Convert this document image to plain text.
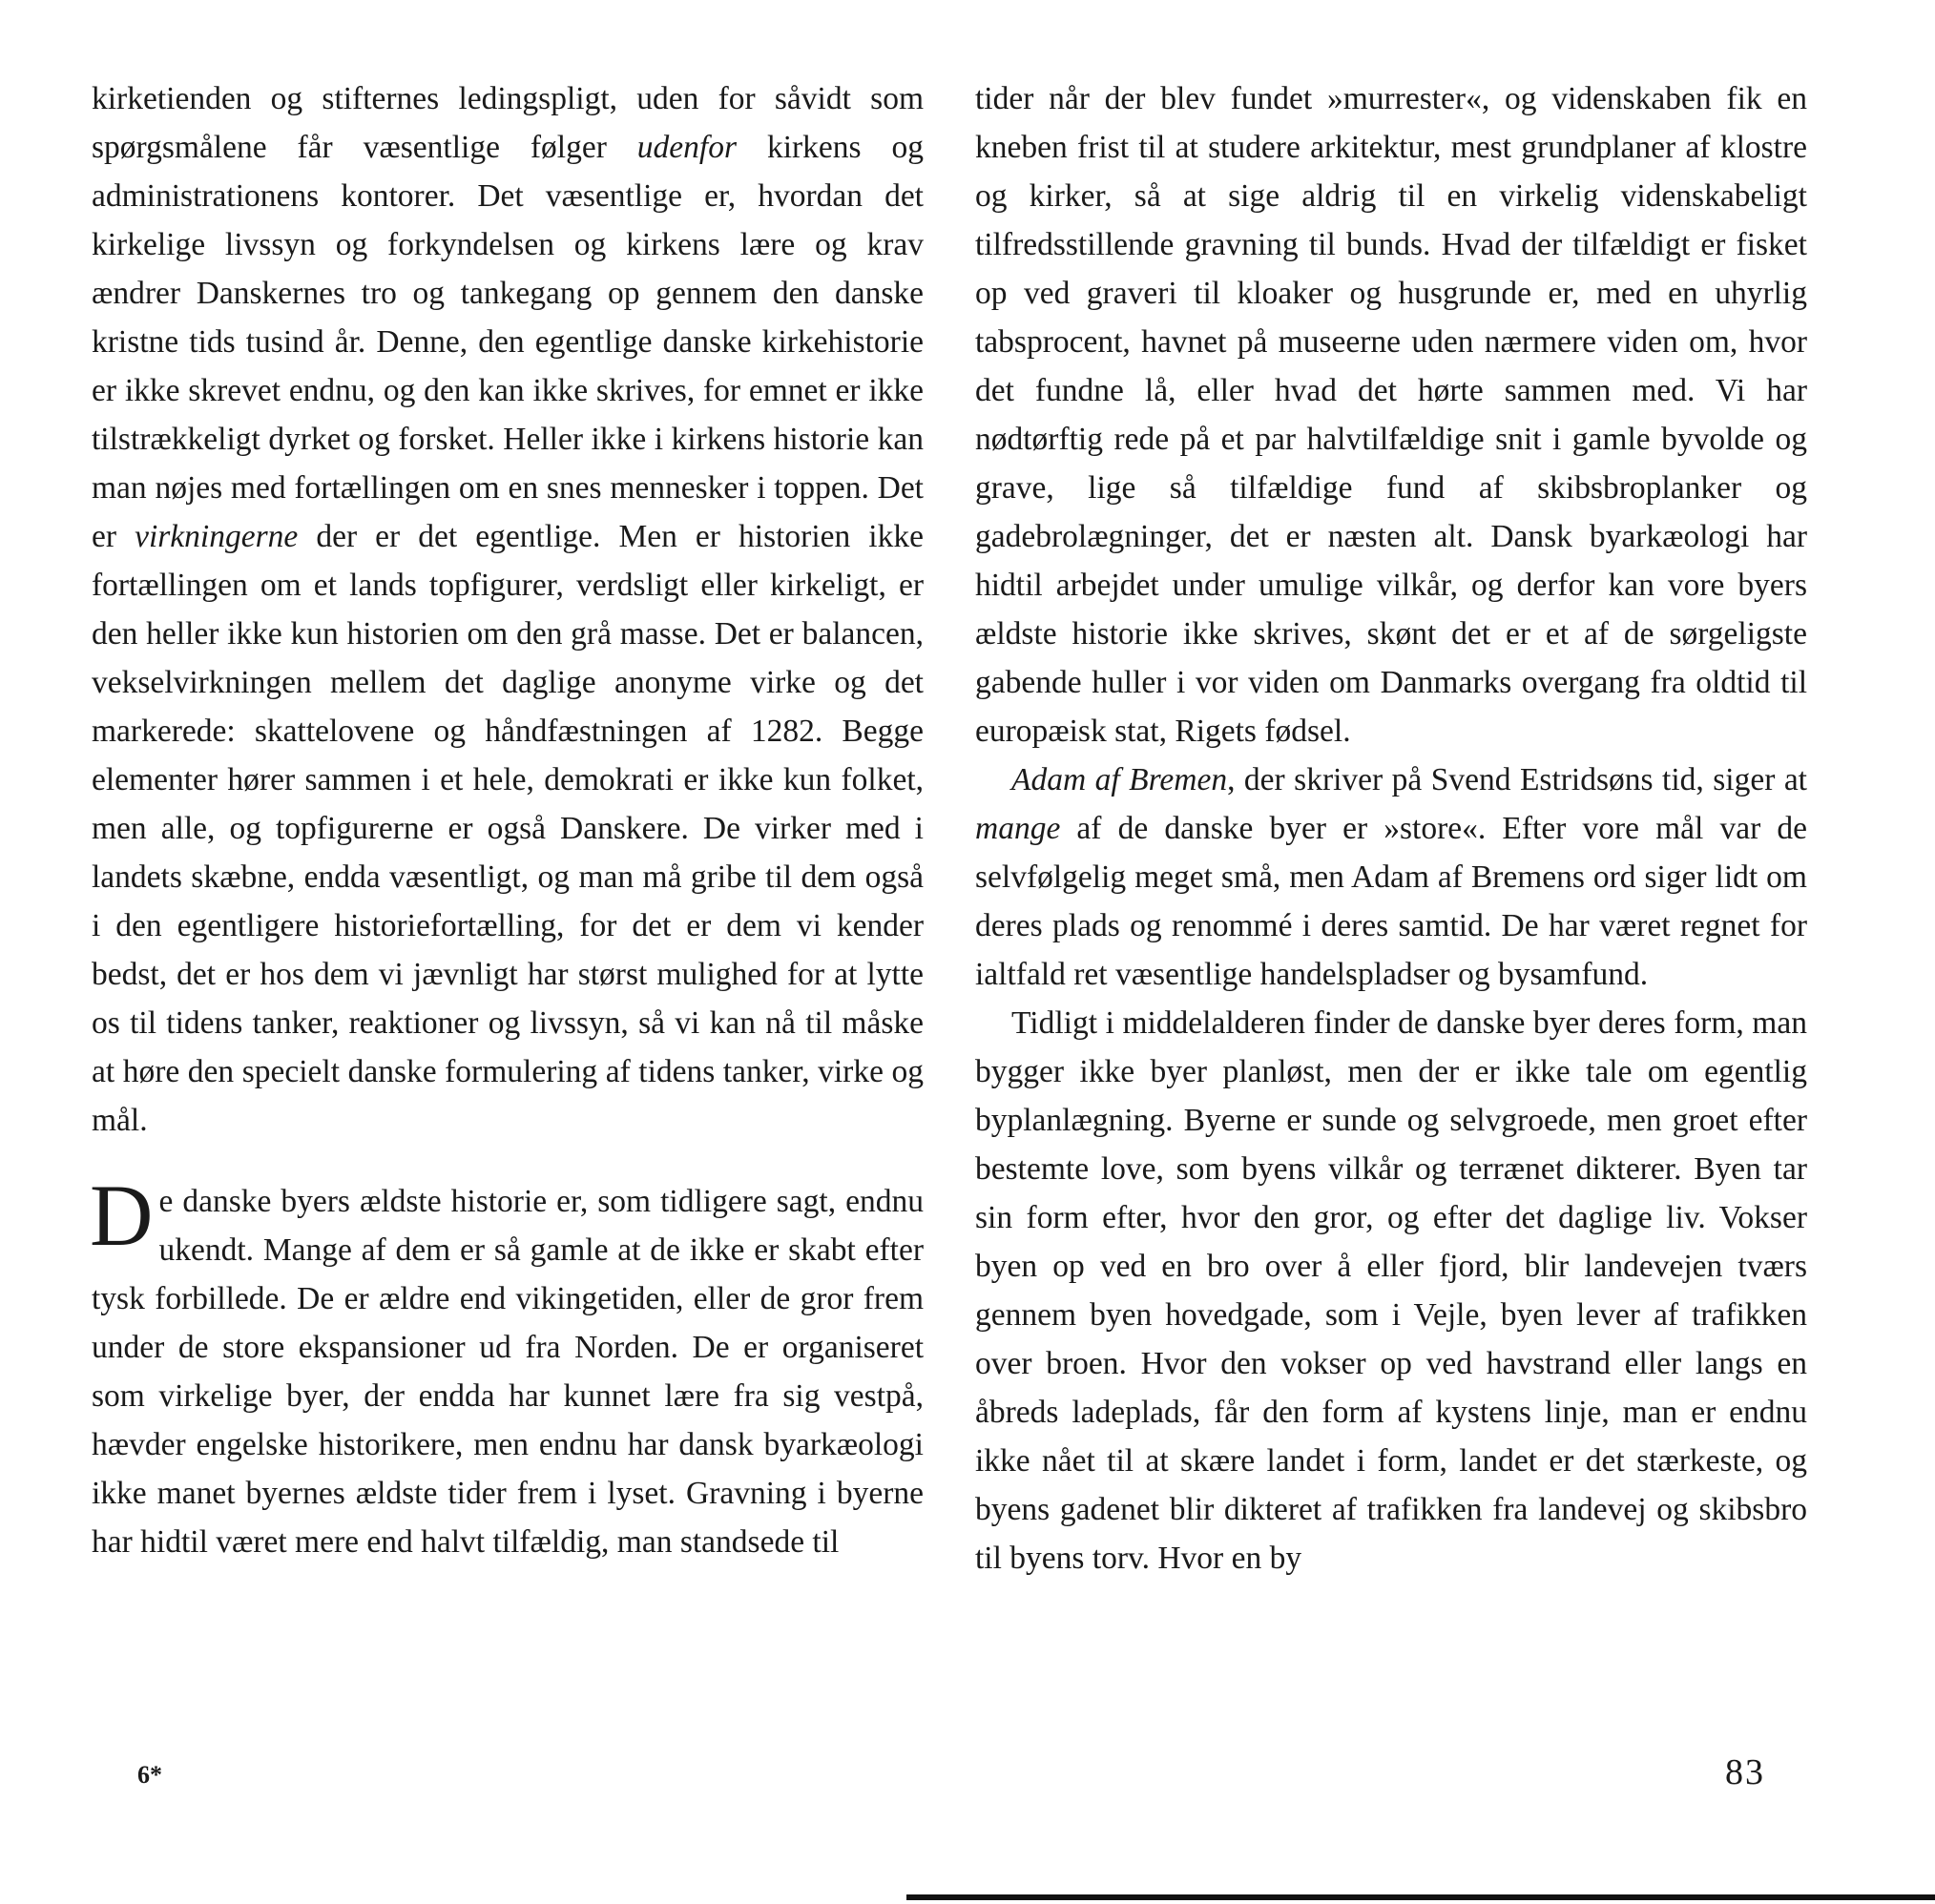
kirketienden og stifternes ledingspligt, uden for såvidt som spørgsmålene får væsentlige følger udenfor kirkens og administrationens kontorer. Det væsentlige er, hvordan det kirkelige livssyn og forkyndelsen og kirkens lære og krav ændrer Danskernes tro og tankegang op gennem den danske kristne tids tusind år. Denne, den egentlige danske kirkehistorie er ikke skrevet endnu, og den kan ikke skrives, for emnet er ikke tilstrækkeligt dyrket og forsket. Heller ikke i kirkens historie kan man nøjes med fortællingen om en snes mennesker i toppen. Det er virkningerne der er det egentlige. Men er historien ikke fortællingen om et lands topfigurer, verdsligt eller kirkeligt, er den heller ikke kun historien om den grå masse. Det er balancen, vekselvirkningen mellem det daglige anonyme virke og det markerede: skattelovene og håndfæstningen af 1282. Begge elementer hører sammen i et hele, demokrati er ikke kun folket, men alle, og topfigurerne er også Danskere. De virker med i landets skæbne, endda væsentligt, og man må gribe til dem også i den egentligere historiefortælling, for det er dem vi kender bedst, det er hos dem vi jævnligt har størst mulighed for at lytte os til tidens tanker, reaktioner og livssyn, så vi kan nå til måske at høre den specielt danske formulering af tidens tanker, virke og mål.

De danske byers ældste historie er, som tidligere sagt, endnu ukendt. Mange af dem er så gamle at de ikke er skabt efter tysk forbillede. De er ældre end vikingetiden, eller de gror frem under de store ekspansioner ud fra Norden. De er organiseret som virkelige byer, der endda har kunnet lære fra sig vestpå, hævder engelske historikere, men endnu har dansk byarkæologi ikke manet byernes ældste tider frem i lyset. Gravning i byerne har hidtil været mere end halvt tilfældig, man standsede til

tider når der blev fundet »murrester«, og videnskaben fik en kneben frist til at studere arkitektur, mest grundplaner af klostre og kirker, så at sige aldrig til en virkelig videnskabeligt tilfredsstillende gravning til bunds. Hvad der tilfældigt er fisket op ved graveri til kloaker og husgrunde er, med en uhyrlig tabsprocent, havnet på museerne uden nærmere viden om, hvor det fundne lå, eller hvad det hørte sammen med. Vi har nødtørftig rede på et par halvtilfældige snit i gamle byvolde og grave, lige så tilfældige fund af skibsbroplanker og gadebrolægninger, det er næsten alt. Dansk byarkæologi har hidtil arbejdet under umulige vilkår, og derfor kan vore byers ældste historie ikke skrives, skønt det er et af de sørgeligste gabende huller i vor viden om Danmarks overgang fra oldtid til europæisk stat, Rigets fødsel.

Adam af Bremen, der skriver på Svend Estridsøns tid, siger at mange af de danske byer er »store«. Efter vore mål var de selvfølgelig meget små, men Adam af Bremens ord siger lidt om deres plads og renommé i deres samtid. De har været regnet for ialtfald ret væsentlige handelspladser og bysamfund.

Tidligt i middelalderen finder de danske byer deres form, man bygger ikke byer planløst, men der er ikke tale om egentlig byplanlægning. Byerne er sunde og selvgroede, men groet efter bestemte love, som byens vilkår og terrænet dikterer. Byen tar sin form efter, hvor den gror, og efter det daglige liv. Vokser byen op ved en bro over å eller fjord, blir landevejen tværs gennem byen hovedgade, som i Vejle, byen lever af trafikken over broen. Hvor den vokser op ved havstrand eller langs en åbreds ladeplads, får den form af kystens linje, man er endnu ikke nået til at skære landet i form, landet er det stærkeste, og byens gadenet blir dikteret af trafikken fra landevej og skibsbro til byens torv. Hvor en by

6*	83
